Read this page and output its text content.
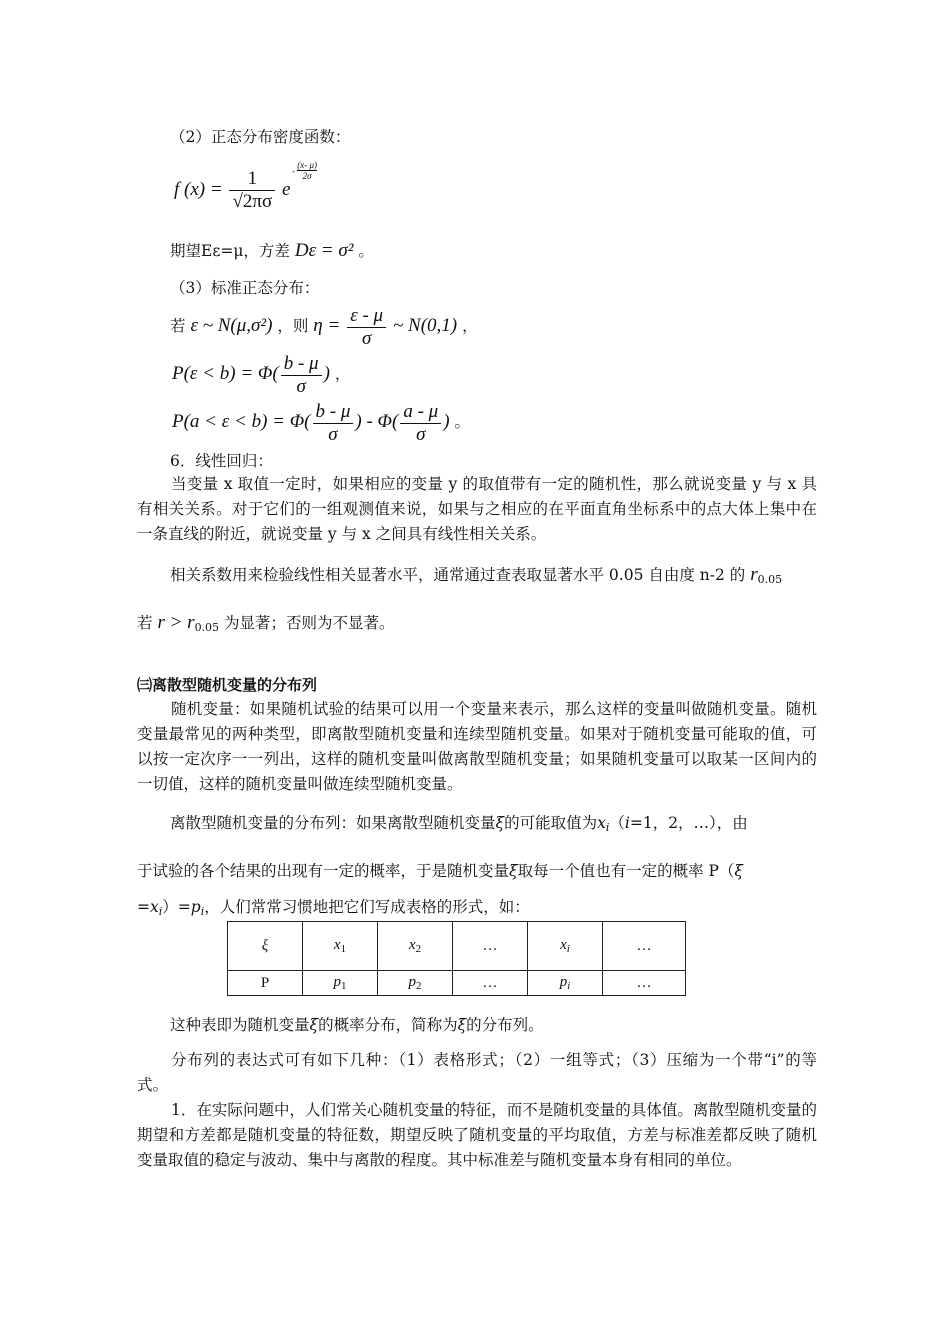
（2）正态分布密度函数：
f $(x) = \frac{1}{√2\pi\sigma}$ e
- $\frac{(x- \mu)}{2\sigma}$
期望Eε=μ，方差 Dε = σ² 。
（3）标准正态分布：
若 ε ~ N(μ,σ²) ，则 $\eta = \frac{\varepsilon - \mu}{\sigma}$ ~ N(0,1) ，
$P(\varepsilon < b) = \Phi( \frac{b - \mu}{\sigma}$ ) ，
$P(a < \varepsilon < b) = \Phi( \frac{b - \mu}{\sigma}$ ) - $\Phi( \frac{a - \mu}{\sigma}$ ) 。
6．线性回归：
当变量 x 取值一定时，如果相应的变量 y 的取值带有一定的随机性，那么就说变量 y 与 x 具有相关关系。对于它们的一组观测值来说，如果与之相应的在平面直角坐标系中的点大体上集中在一条直线的附近，就说变量 y 与 x 之间具有线性相关关系。
相关系数用来检验线性相关显著水平，通常通过查表取显著水平 0.05 自由度 n-2 的 $r_{0.05}$
若 $r > r_{0.05}$ 为显著；否则为不显著。
㈢离散型随机变量的分布列
随机变量：如果随机试验的结果可以用一个变量来表示，那么这样的变量叫做随机变量。随机变量最常见的两种类型，即离散型随机变量和连续型随机变量。如果对于随机变量可能取的值，可以按一定次序一一列出，这样的随机变量叫做离散型随机变量；如果随机变量可以取某一区间内的一切值，这样的随机变量叫做连续型随机变量。
离散型随机变量的分布列：如果离散型随机变量ξ的可能取值为xi（i=1，2，…），由
于试验的各个结果的出现有一定的概率，于是随机变量ξ取每一个值也有一定的概率 P（ξ
=xi）=pi，人们常常习惯地把它们写成表格的形式，如：
ξ	$x_1$	$x_2$	…	$x_i$	…
P	$p_1$	$p_2$	…	$p_i$	…
这种表即为随机变量ξ的概率分布，简称为ξ的分布列。
分布列的表达式可有如下几种：（1）表格形式；（2）一组等式；（3）压缩为一个带“i”的等式。
1．在实际问题中，人们常关心随机变量的特征，而不是随机变量的具体值。离散型随机变量的期望和方差都是随机变量的特征数，期望反映了随机变量的平均取值，方差与标准差都反映了随机变量取值的稳定与波动、集中与离散的程度。其中标准差与随机变量本身有相同的单位。
